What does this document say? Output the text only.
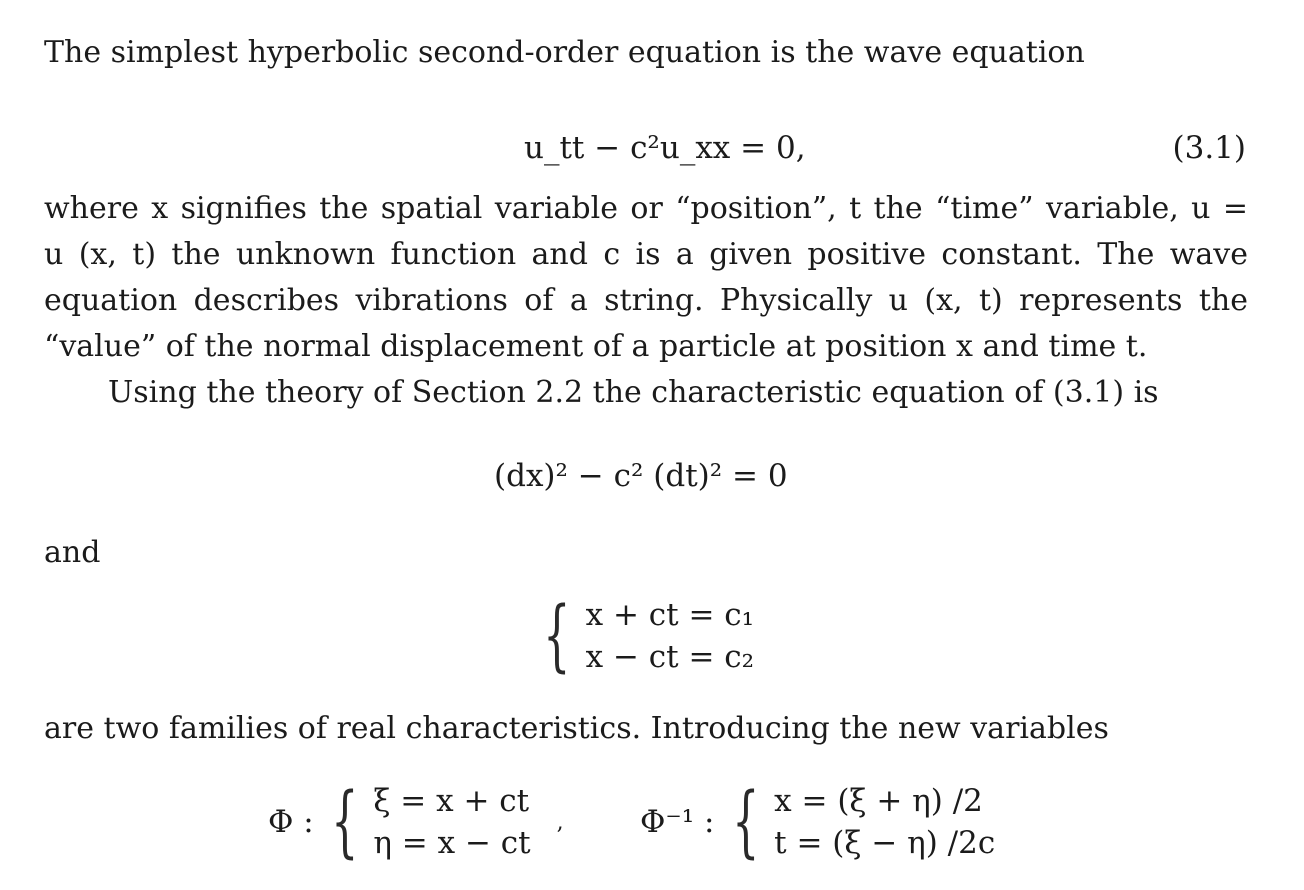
The simplest hyperbolic second-order equation is the wave equation
u_tt − c²u_xx = 0,	(3.1)
where x signifies the spatial variable or “position”, t the “time” variable, u =
u (x, t) the unknown function and c is a given positive constant. The wave
equation describes vibrations of a string. Physically u (x, t) represents the
“value” of the normal displacement of a particle at position x and time t.
Using the theory of Section 2.2 the characteristic equation of (3.1) is
(dx)² − c² (dt)² = 0
and
{ x + ct = c₁
x − ct = c₂
are two families of real characteristics. Introducing the new variables
Φ : { ξ = x + ct
η = x − ct
, Φ⁻¹ : { x = (ξ + η) /2
t = (ξ − η) /2c
